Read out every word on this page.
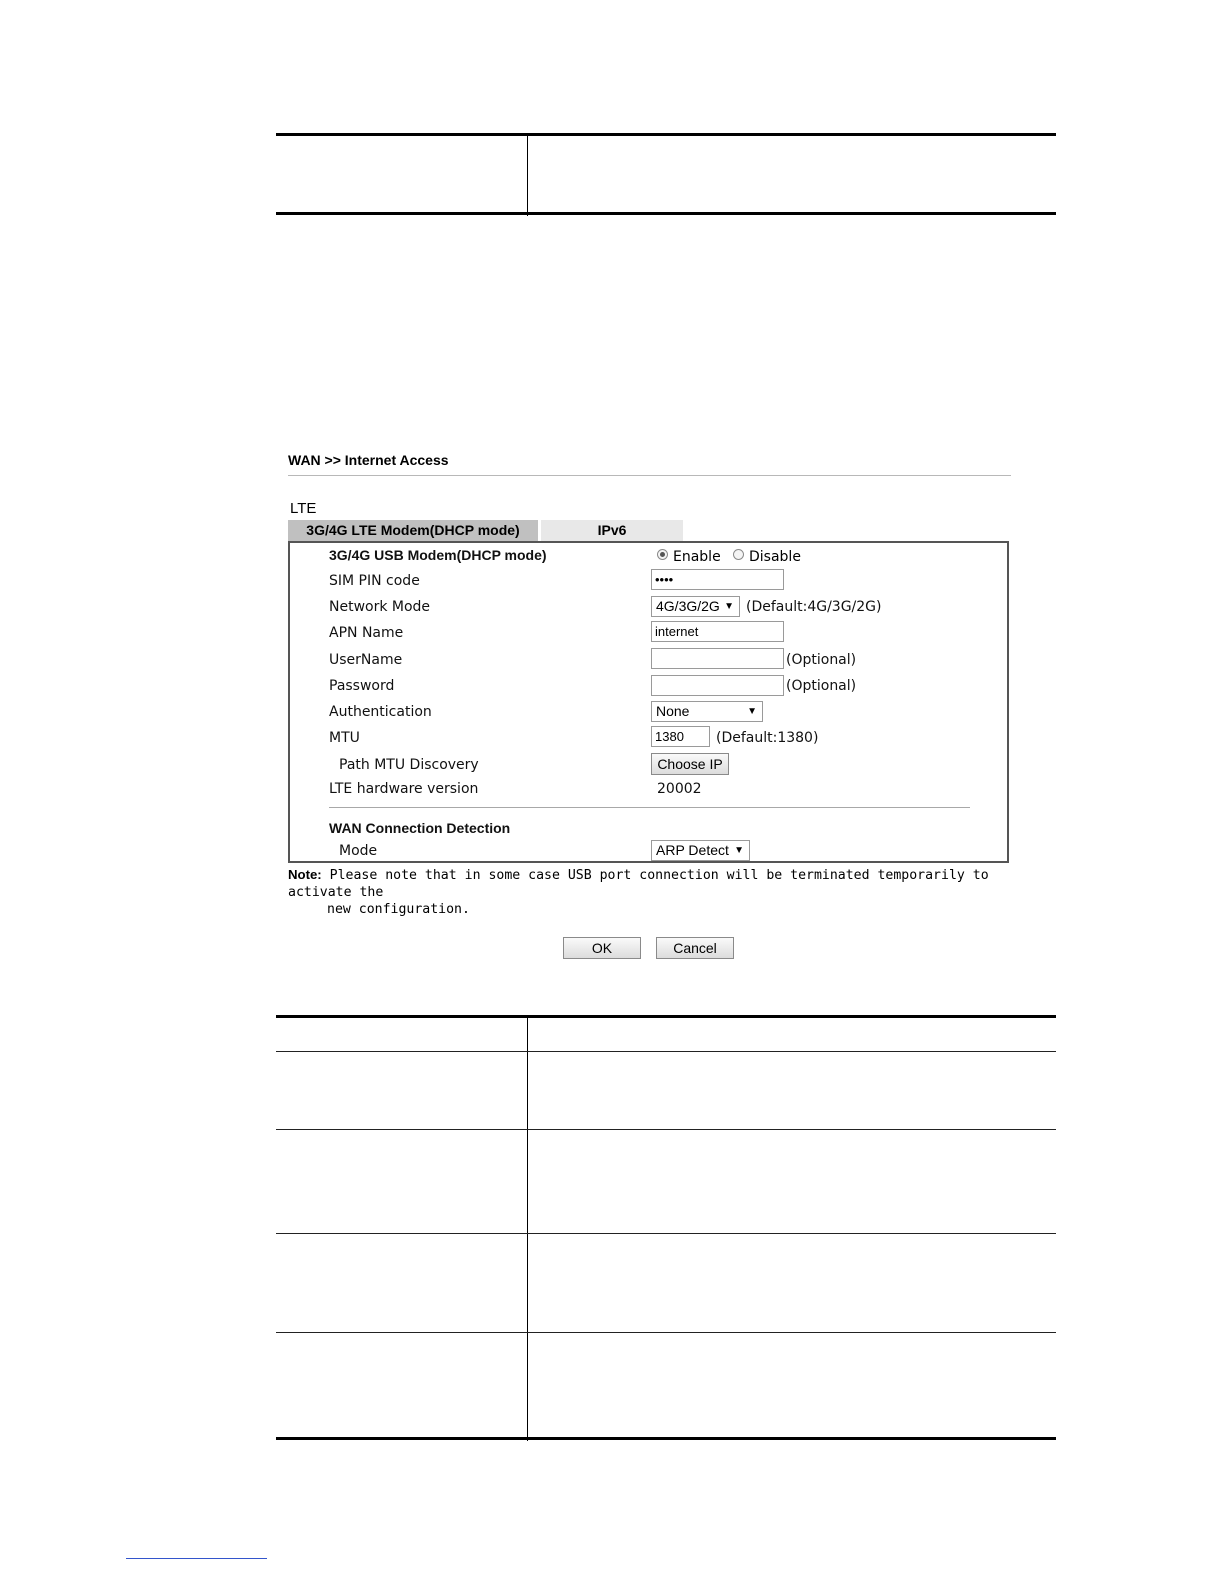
WAN >> Internet Access
LTE
3G/4G LTE Modem(DHCP mode)	IPv6
3G/4G USB Modem(DHCP mode)	Enable Disable
SIM PIN code	••••
Network Mode	4G/3G/2G ▼ (Default:4G/3G/2G)
APN Name	internet
UserName	(Optional)
Password	(Optional)
Authentication	None	▼
MTU	1380	(Default:1380)
Path MTU Discovery	Choose IP
LTE hardware version	20002
WAN Connection Detection
Mode	ARP Detect ▼
Note: Please note that in some case USB port connection will be terminated temporarily to activate the
new configuration.
OK	Cancel
